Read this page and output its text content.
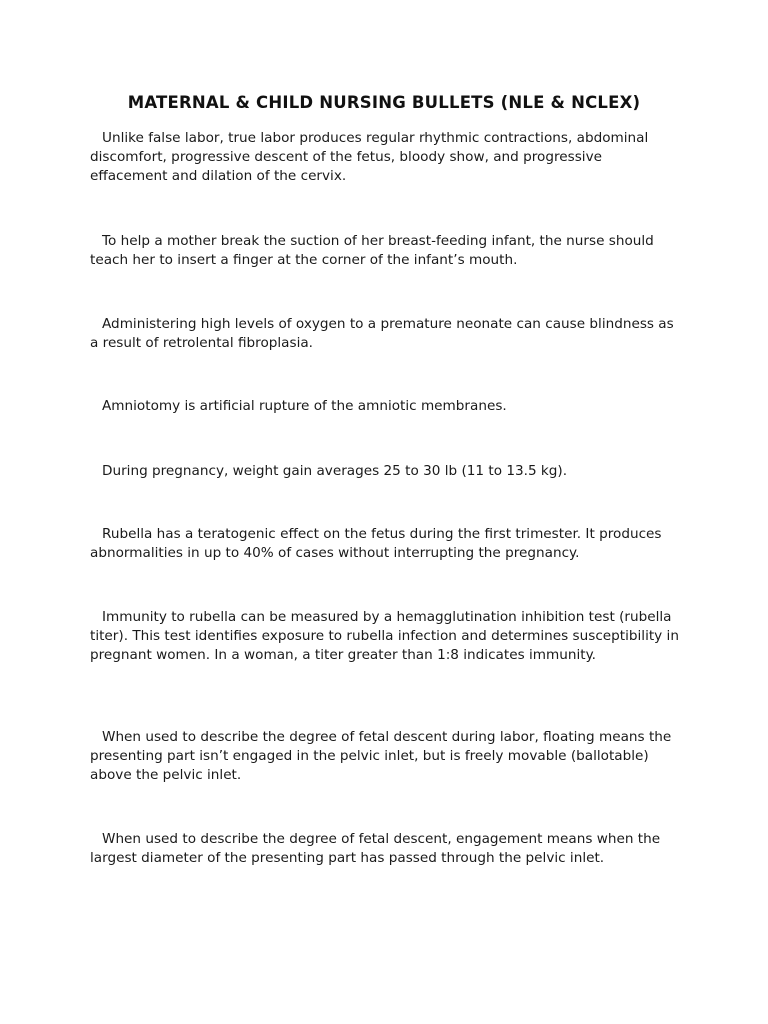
MATERNAL & CHILD NURSING BULLETS (NLE & NCLEX)

Unlike false labor, true labor produces regular rhythmic contractions, abdominal discomfort, progressive descent of the fetus, bloody show, and progressive effacement and dilation of the cervix.

To help a mother break the suction of her breast-feeding infant, the nurse should teach her to insert a finger at the corner of the infant’s mouth.

Administering high levels of oxygen to a premature neonate can cause blindness as a result of retrolental fibroplasia.

Amniotomy is artificial rupture of the amniotic membranes.

During pregnancy, weight gain averages 25 to 30 lb (11 to 13.5 kg).

Rubella has a teratogenic effect on the fetus during the first trimester. It produces abnormalities in up to 40% of cases without interrupting the pregnancy.

Immunity to rubella can be measured by a hemagglutination inhibition test (rubella titer). This test identifies exposure to rubella infection and determines susceptibility in pregnant women. In a woman, a titer greater than 1:8 indicates immunity.

When used to describe the degree of fetal descent during labor, floating means the presenting part isn’t engaged in the pelvic inlet, but is freely movable (ballotable) above the pelvic inlet.

When used to describe the degree of fetal descent, engagement means when the largest diameter of the presenting part has passed through the pelvic inlet.
